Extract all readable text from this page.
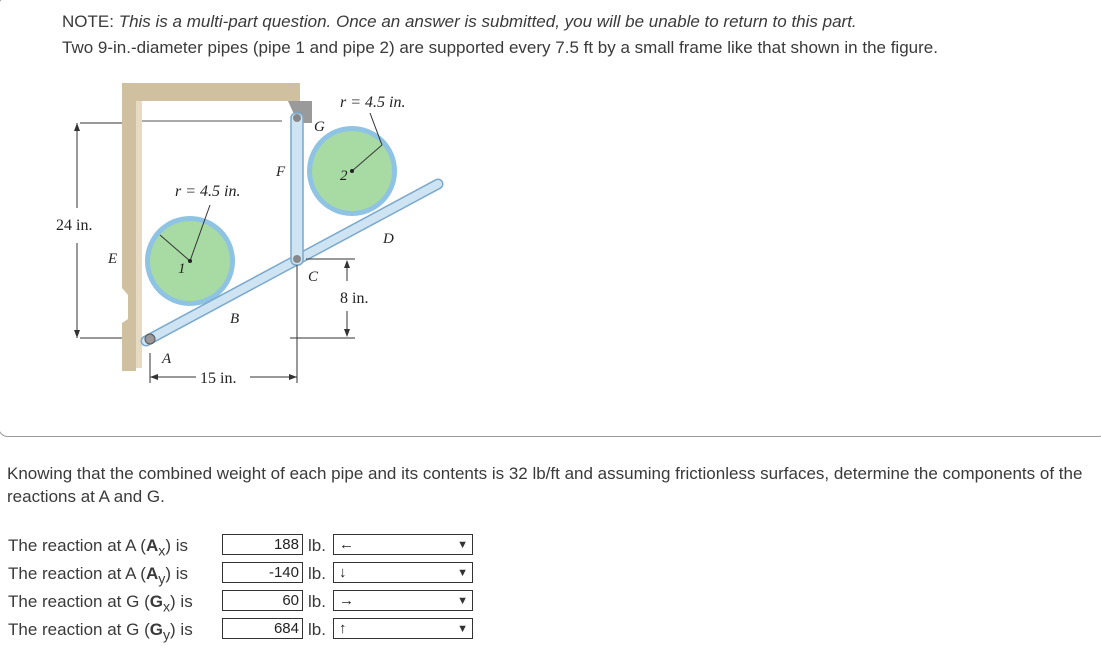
NOTE: This is a multi-part question. Once an answer is submitted, you will be unable to return to this part.
Two 9-in.-diameter pipes (pipe 1 and pipe 2) are supported every 7.5 ft by a small frame like that shown in the figure.
r = 4.5 in.
r = 4.5 in.
24 in.
8 in.
15 in.
E
F
G
D
C
B
A
1
2
Knowing that the combined weight of each pipe and its contents is 32 lb/ft and assuming frictionless surfaces, determine the components of the reactions at A and G.
The reaction at A $(A_x)$ is	188 lb. ←	▼
The reaction at A $(A_y)$ is	-140 lb. ↓	▼
The reaction at G $(G_x)$ is	60 lb. →	▼
The reaction at G $(G_y)$ is	684 lb. ↑	▼
